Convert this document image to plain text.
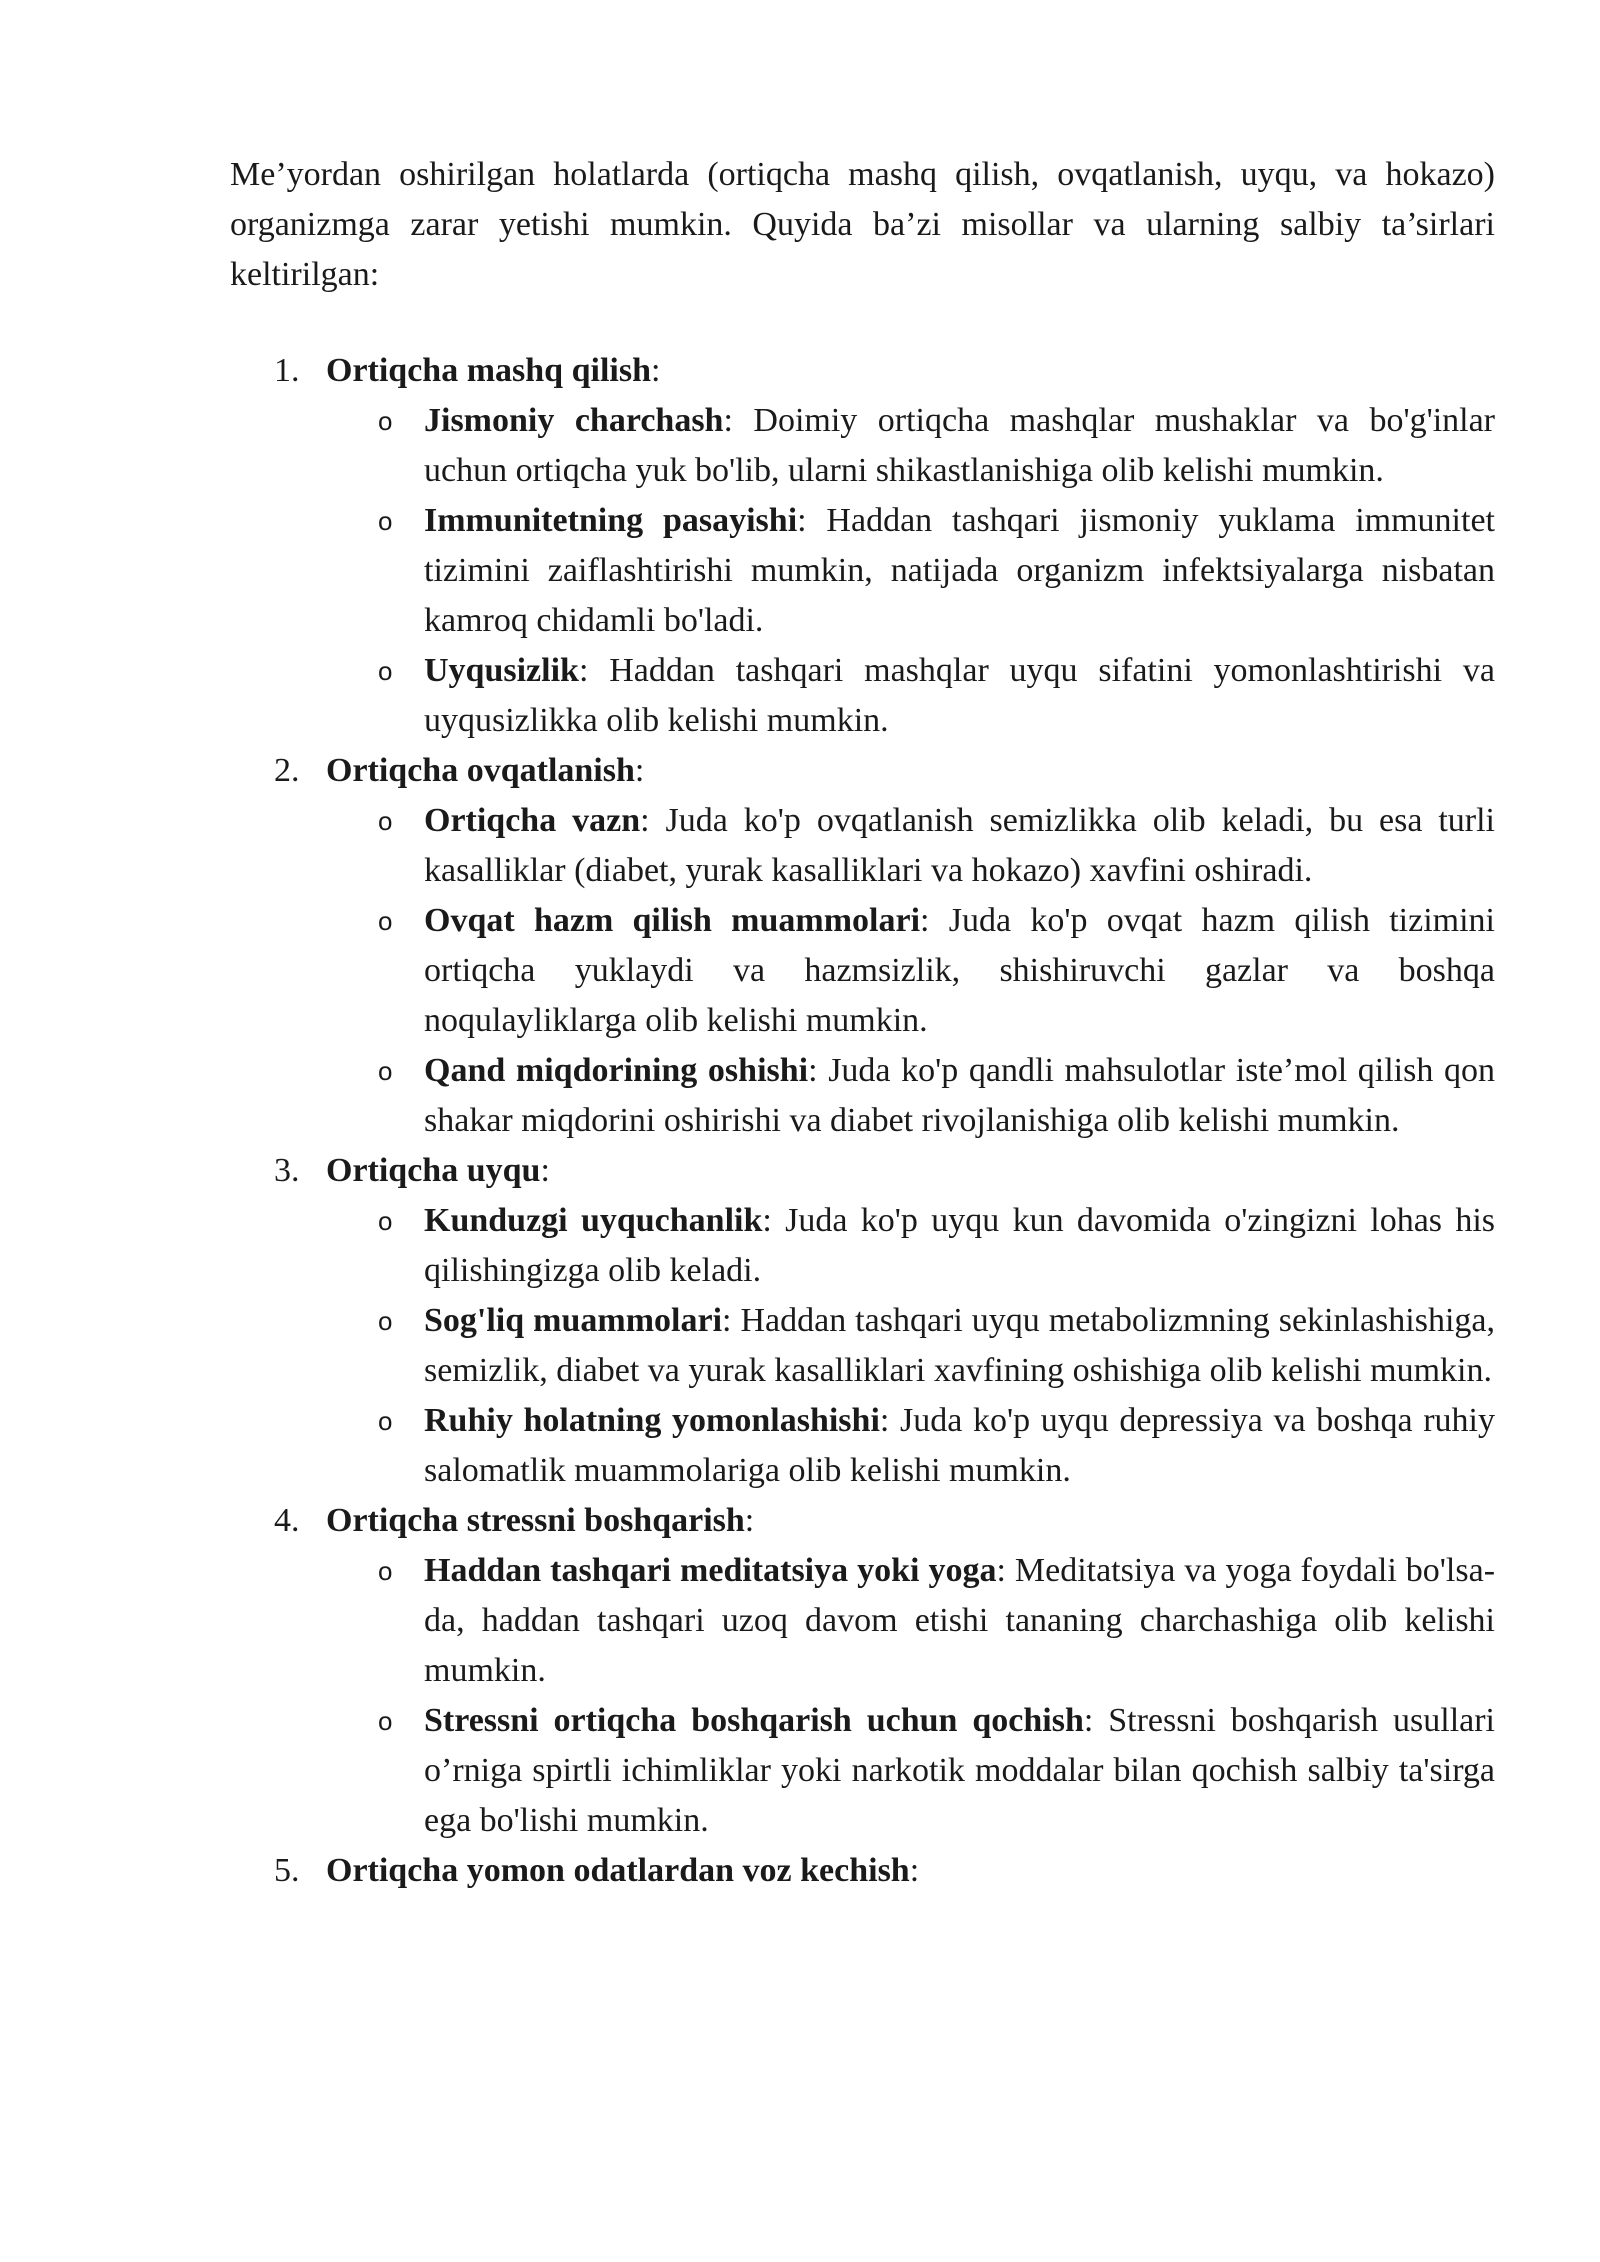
Me’yordan oshirilgan holatlarda (ortiqcha mashq qilish, ovqatlanish, uyqu, va hokazo) organizmga zarar yetishi mumkin. Quyida ba’zi misollar va ularning salbiy ta’sirlari keltirilgan:

1. Ortiqcha mashq qilish:
o Jismoniy charchash: Doimiy ortiqcha mashqlar mushaklar va bo'g'inlar uchun ortiqcha yuk bo'lib, ularni shikastlanishiga olib kelishi mumkin.
o Immunitetning pasayishi: Haddan tashqari jismoniy yuklama immunitet tizimini zaiflashtirishi mumkin, natijada organizm infektsiyalarga nisbatan kamroq chidamli bo'ladi.
o Uyqusizlik: Haddan tashqari mashqlar uyqu sifatini yomonlashtirishi va uyqusizlikka olib kelishi mumkin.
2. Ortiqcha ovqatlanish:
o Ortiqcha vazn: Juda ko'p ovqatlanish semizlikka olib keladi, bu esa turli kasalliklar (diabet, yurak kasalliklari va hokazo) xavfini oshiradi.
o Ovqat hazm qilish muammolari: Juda ko'p ovqat hazm qilish tizimini ortiqcha yuklaydi va hazmsizlik, shishiruvchi gazlar va boshqa noqulayliklarga olib kelishi mumkin.
o Qand miqdorining oshishi: Juda ko'p qandli mahsulotlar iste’mol qilish qon shakar miqdorini oshirishi va diabet rivojlanishiga olib kelishi mumkin.
3. Ortiqcha uyqu:
o Kunduzgi uyquchanlik: Juda ko'p uyqu kun davomida o'zingizni lohas his qilishingizga olib keladi.
o Sog'liq muammolari: Haddan tashqari uyqu metabolizmning sekinlashishiga, semizlik, diabet va yurak kasalliklari xavfining oshishiga olib kelishi mumkin.
o Ruhiy holatning yomonlashishi: Juda ko'p uyqu depressiya va boshqa ruhiy salomatlik muammolariga olib kelishi mumkin.
4. Ortiqcha stressni boshqarish:
o Haddan tashqari meditatsiya yoki yoga: Meditatsiya va yoga foydali bo'lsa-da, haddan tashqari uzoq davom etishi tananing charchashiga olib kelishi mumkin.
o Stressni ortiqcha boshqarish uchun qochish: Stressni boshqarish usullari o’rniga spirtli ichimliklar yoki narkotik moddalar bilan qochish salbiy ta'sirga ega bo'lishi mumkin.
5. Ortiqcha yomon odatlardan voz kechish:
